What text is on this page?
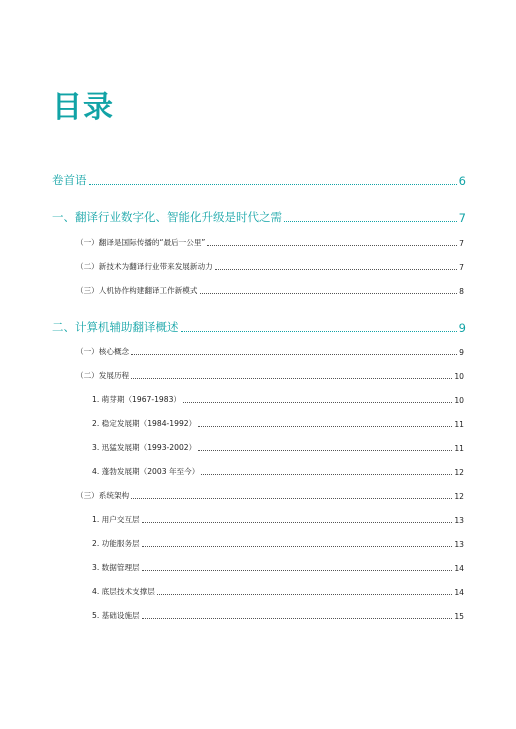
目录
卷首语	6
一、翻译行业数字化、智能化升级是时代之需	7
（一）翻译是国际传播的“最后一公里”	7
（二）新技术为翻译行业带来发展新动力	7
（三）人机协作构建翻译工作新模式	8
二、计算机辅助翻译概述	9
（一）核心概念	9
（二）发展历程	10
1. 萌芽期（1967-1983）	10
2. 稳定发展期（1984-1992）	11
3. 迅猛发展期（1993-2002）	11
4. 蓬勃发展期（2003 年至今）	12
（三）系统架构	12
1. 用户交互层	13
2. 功能服务层	13
3. 数据管理层	14
4. 底层技术支撑层	14
5. 基础设施层	15
